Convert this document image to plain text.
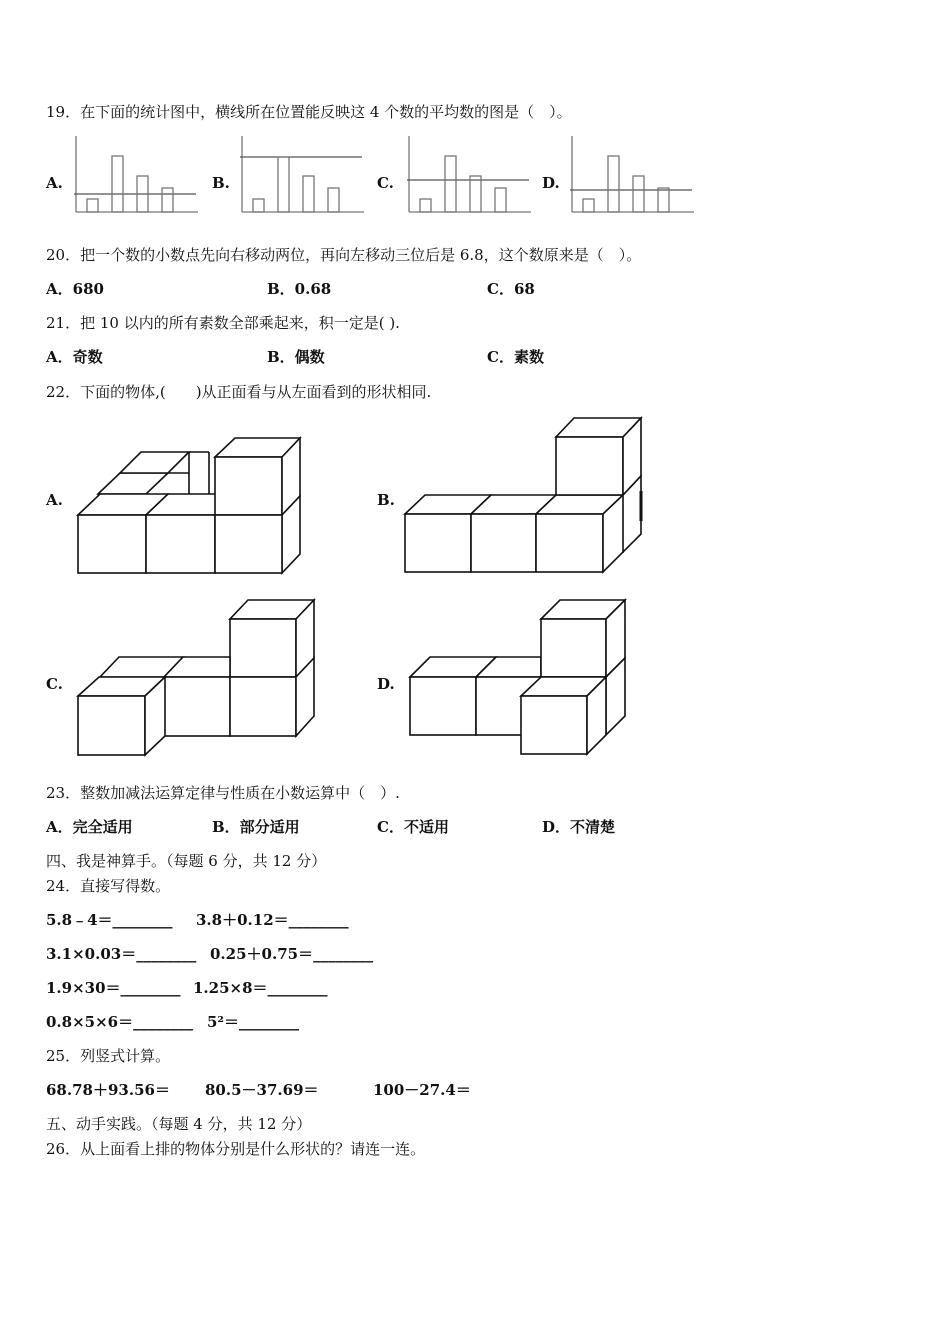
19．在下面的统计图中，横线所在位置能反映这 4 个数的平均数的图是（　）。
A.	B.	C.	D.
20．把一个数的小数点先向右移动两位，再向左移动三位后是 6.8，这个数原来是（　）。
A．680	B．0.68	C．68
21．把 10 以内的所有素数全部乘起来，积一定是( ).
A．奇数	B．偶数	C．素数
22．下面的物体,(　　)从正面看与从左面看到的形状相同.
A.	B.
C.	D.
23．整数加减法运算定律与性质在小数运算中（　）.
A．完全适用	B．部分适用	C．不适用	D．不清楚
四、我是神算手。（每题 6 分，共 12 分）
24．直接写得数。
5.8﹣4＝________ 3.8＋0.12＝________
3.1×0.03＝________ 0.25＋0.75＝________
1.9×30＝________ 1.25×8＝________
0.8×5×6＝________ 5²＝________
25．列竖式计算。
68.78＋93.56＝ 80.5－37.69＝	100－27.4＝
五、动手实践。（每题 4 分，共 12 分）
26．从上面看上排的物体分别是什么形状的？请连一连。
